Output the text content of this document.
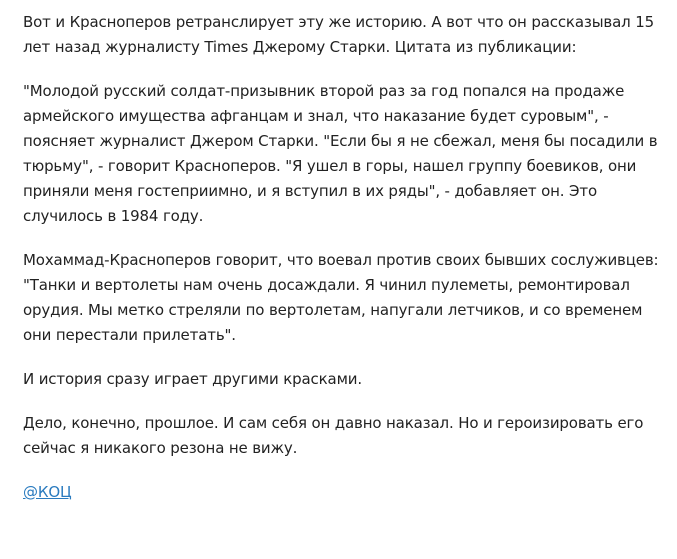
Вот и Красноперов ретранслирует эту же историю. А вот что он рассказывал 15 лет назад журналисту Times Джерому Старки. Цитата из публикации:

"Молодой русский солдат-призывник второй раз за год попался на продаже армейского имущества афганцам и знал, что наказание будет суровым", - поясняет журналист Джером Старки. "Если бы я не сбежал, меня бы посадили в тюрьму", - говорит Красноперов. "Я ушел в горы, нашел группу боевиков, они приняли меня гостеприимно, и я вступил в их ряды", - добавляет он. Это случилось в 1984 году.

Мохаммад-Красноперов говорит, что воевал против своих бывших сослуживцев: "Танки и вертолеты нам очень досаждали. Я чинил пулеметы, ремонтировал орудия. Мы метко стреляли по вертолетам, напугали летчиков, и со временем они перестали прилетать".

И история сразу играет другими красками.

Дело, конечно, прошлое. И сам себя он давно наказал. Но и героизировать его сейчас я никакого резона не вижу.

@КОЦ
